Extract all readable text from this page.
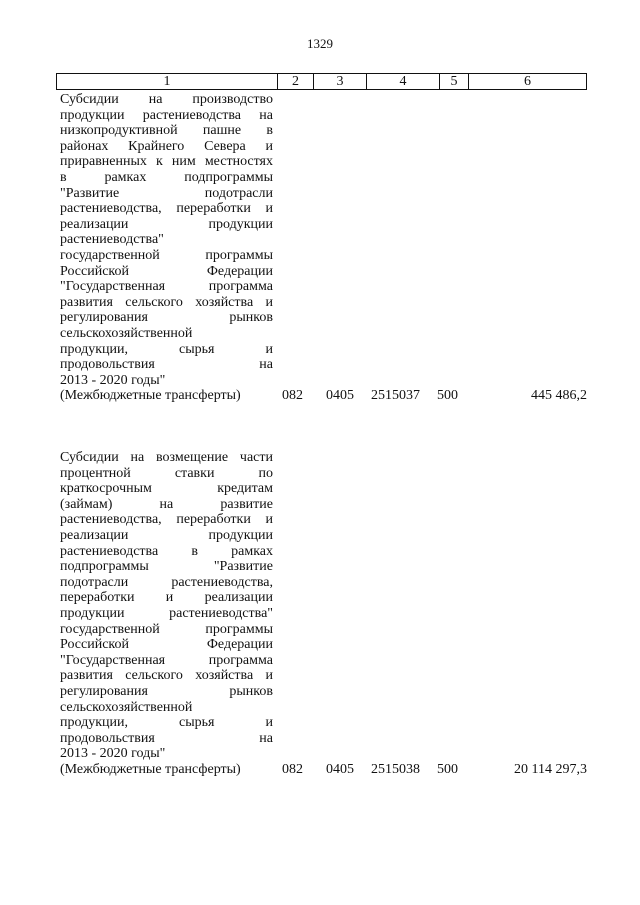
1329
1	2	3	4	5	6
Субсидии на производство
продукции растениеводства на
низкопродуктивной пашне в
районах Крайнего Севера и
приравненных к ним местностях
в рамках подпрограммы
"Развитие подотрасли
растениеводства, переработки и
реализации продукции
растениеводства"
государственной программы
Российской Федерации
"Государственная программа
развития сельского хозяйства и
регулирования рынков
сельскохозяйственной
продукции, сырья и
продовольствия на
2013 - 2020 годы"
(Межбюджетные трансферты)	082 0405 2515037 500	445 486,2
Субсидии на возмещение части
процентной ставки по
краткосрочным кредитам
(займам) на развитие
растениеводства, переработки и
реализации продукции
растениеводства в рамках
подпрограммы "Развитие
подотрасли растениеводства,
переработки и реализации
продукции растениеводства"
государственной программы
Российской Федерации
"Государственная программа
развития сельского хозяйства и
регулирования рынков
сельскохозяйственной
продукции, сырья и
продовольствия на
2013 - 2020 годы"
(Межбюджетные трансферты)	082 0405 2515038 500	20 114 297,3
